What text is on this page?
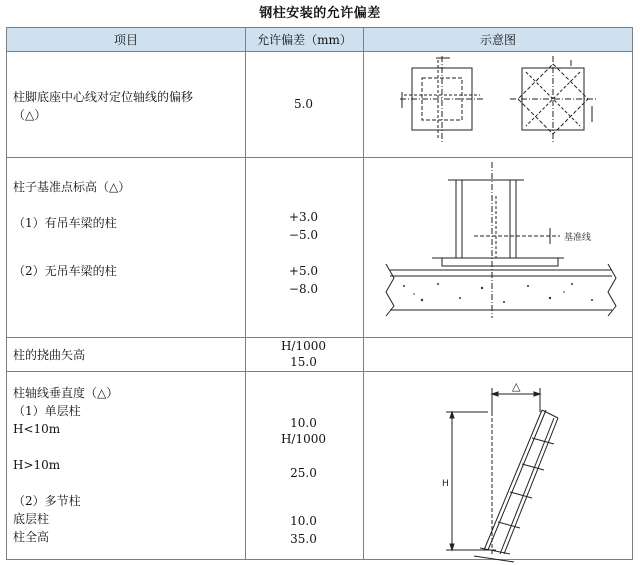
钢柱安装的允许偏差
项目	允许偏差（mm）	示意图
柱脚底座中心线对定位轴线的偏移
（△）
5.0
柱子基准点标高（△）
（1）有吊车梁的柱
（2）无吊车梁的柱
+3.0
−5.0
+5.0
−8.0
基准线
柱的挠曲矢高
H/1000
15.0
柱轴线垂直度（△）
（1）单层柱
H<10m
H>10m
（2）多节柱
底层柱
柱全高
10.0
H/1000
25.0
10.0
35.0
△
H
